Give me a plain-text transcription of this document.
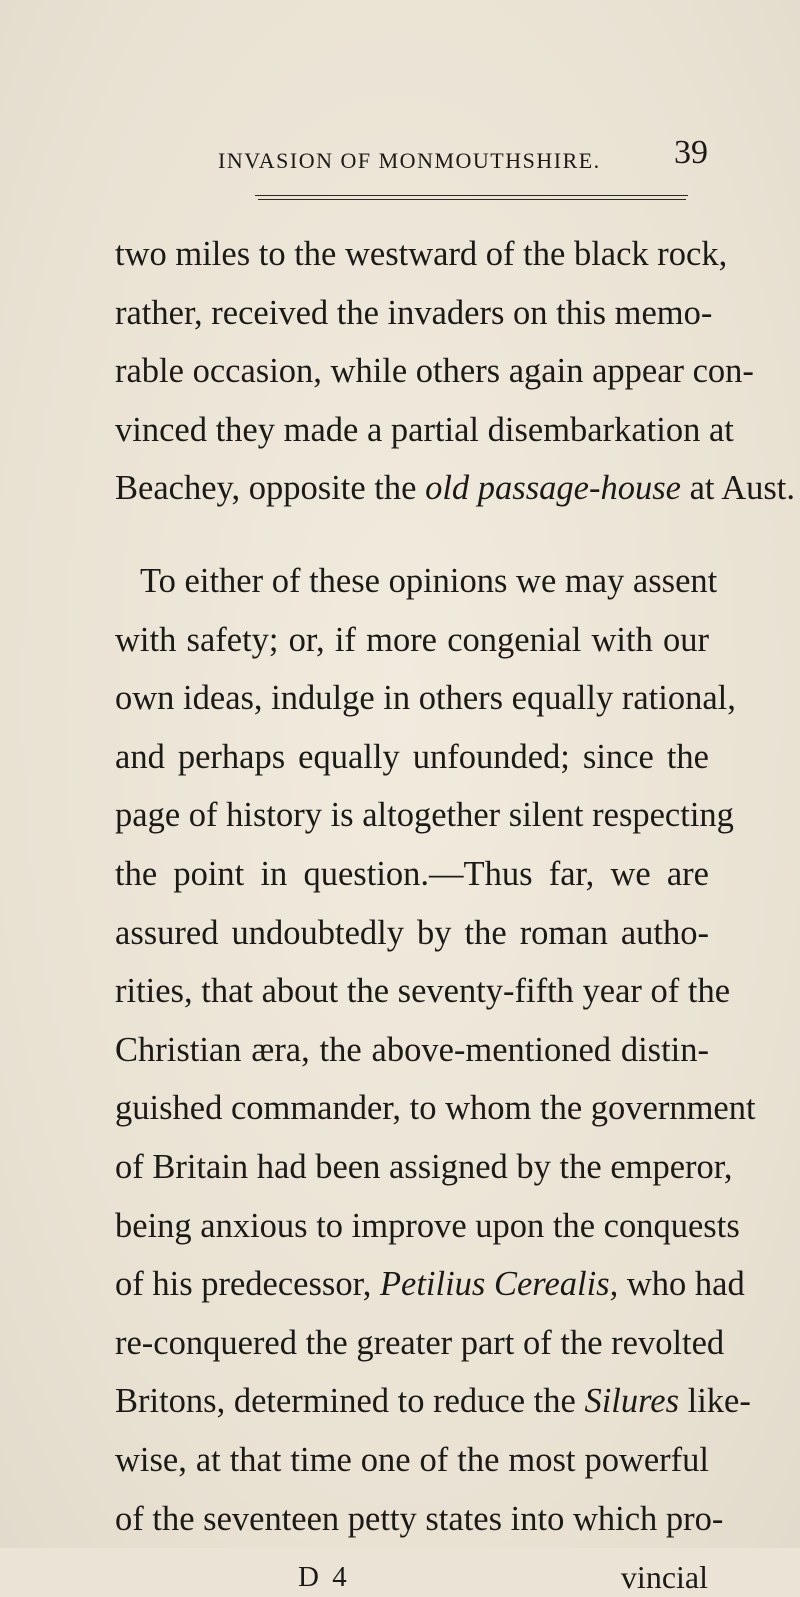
invasion of monmouthshire. 39
two miles to the westward of the black rock,
rather, received the invaders on this memo-
rable occasion, while others again appear con-
vinced they made a partial disembarkation at
Beachey, opposite the old passage-house at Aust.
To either of these opinions we may assent
with safety; or, if more congenial with our
own ideas, indulge in others equally rational,
and perhaps equally unfounded; since the
page of history is altogether silent respecting
the point in question.—Thus far, we are
assured undoubtedly by the roman autho-
rities, that about the seventy-fifth year of the
Christian æra, the above-mentioned distin-
guished commander, to whom the government
of Britain had been assigned by the emperor,
being anxious to improve upon the conquests
of his predecessor, Petilius Cerealis, who had
re-conquered the greater part of the revolted
Britons, determined to reduce the Silures like-
wise, at that time one of the most powerful
of the seventeen petty states into which pro-
D 4	vincial
